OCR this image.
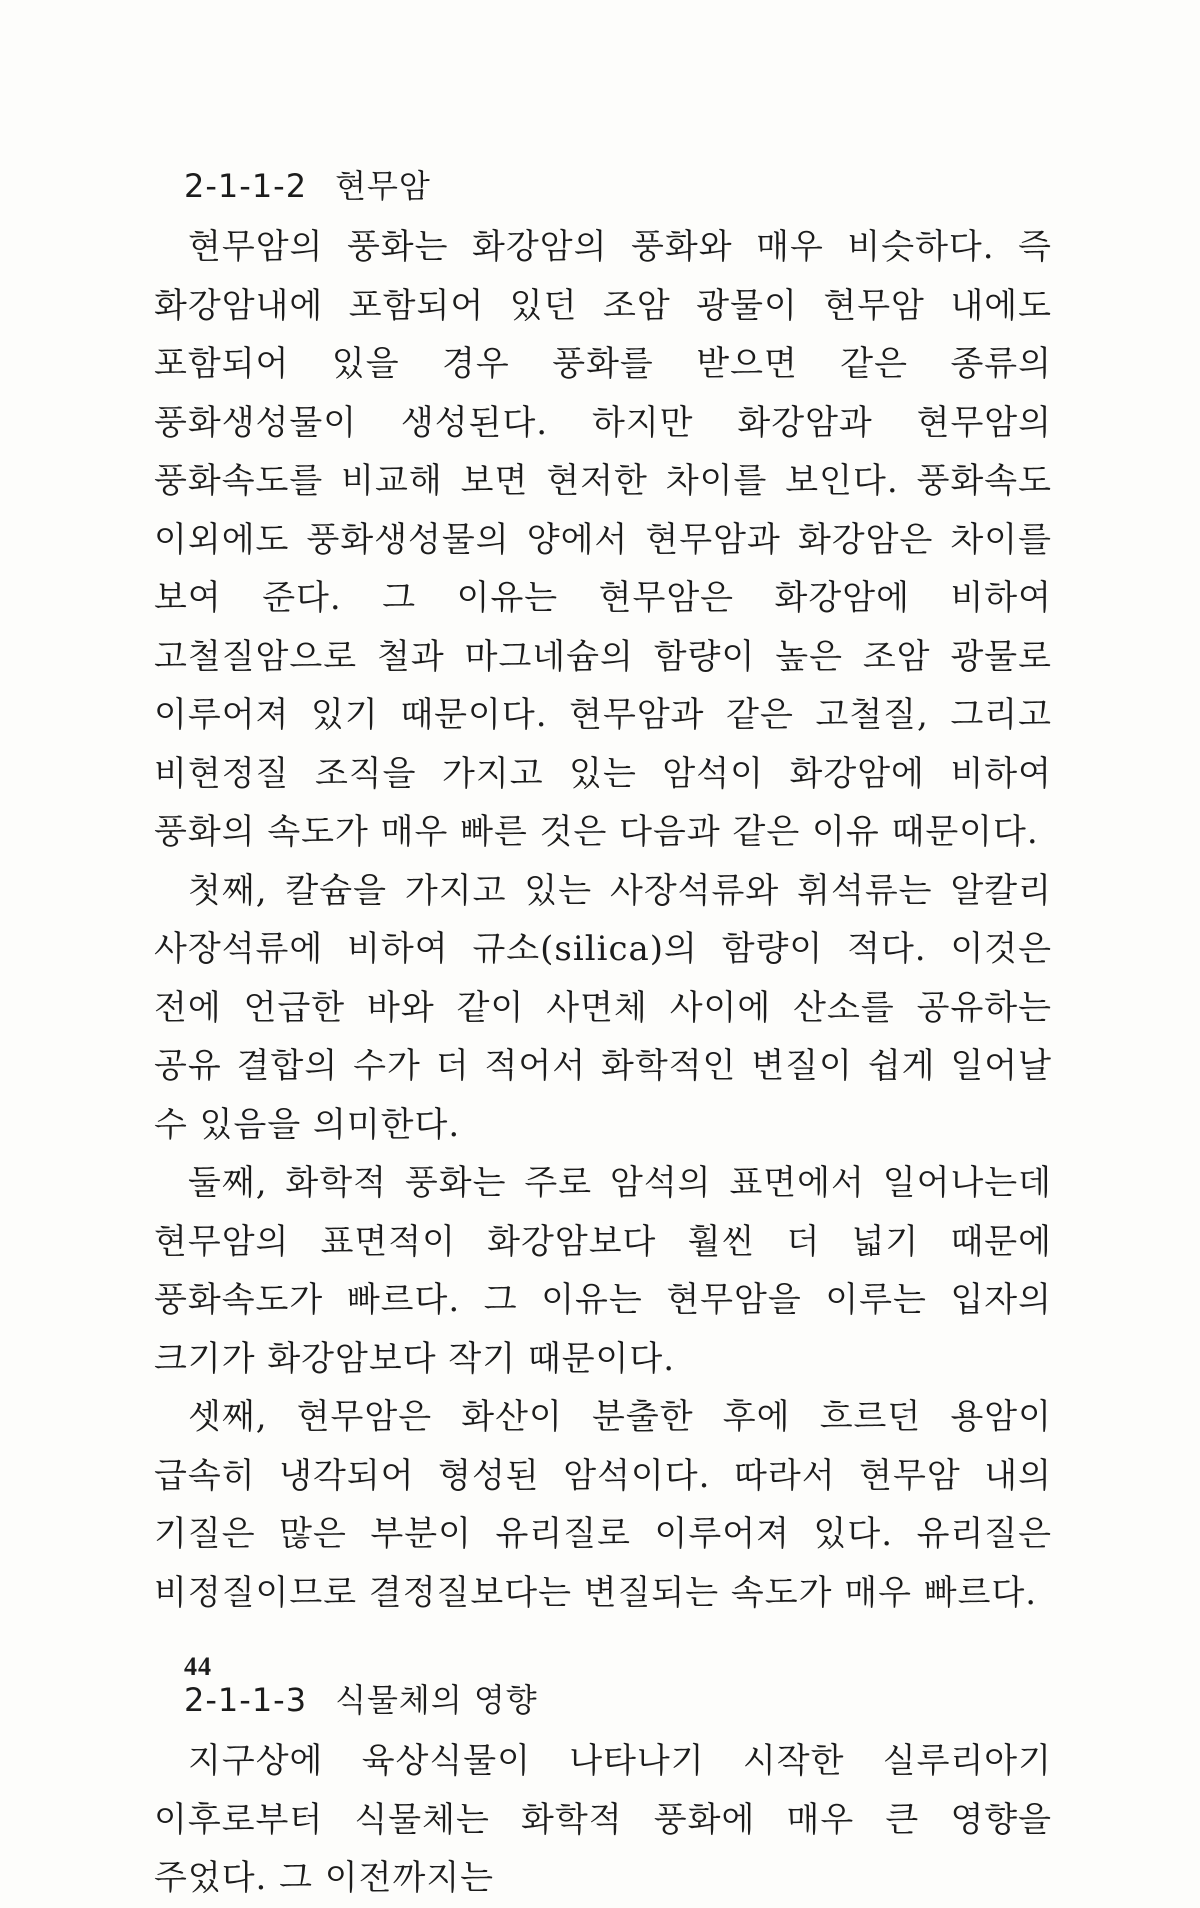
2-1-1-2 현무암

현무암의 풍화는 화강암의 풍화와 매우 비슷하다. 즉 화강암내에 포함되어 있던 조암 광물이 현무암 내에도 포함되어 있을 경우 풍화를 받으면 같은 종류의 풍화생성물이 생성된다. 하지만 화강암과 현무암의 풍화속도를 비교해 보면 현저한 차이를 보인다. 풍화속도 이외에도 풍화생성물의 양에서 현무암과 화강암은 차이를 보여 준다. 그 이유는 현무암은 화강암에 비하여 고철질암으로 철과 마그네슘의 함량이 높은 조암 광물로 이루어져 있기 때문이다. 현무암과 같은 고철질, 그리고 비현정질 조직을 가지고 있는 암석이 화강암에 비하여 풍화의 속도가 매우 빠른 것은 다음과 같은 이유 때문이다.

첫째, 칼슘을 가지고 있는 사장석류와 휘석류는 알칼리 사장석류에 비하여 규소(silica)의 함량이 적다. 이것은 전에 언급한 바와 같이 사면체 사이에 산소를 공유하는 공유 결합의 수가 더 적어서 화학적인 변질이 쉽게 일어날 수 있음을 의미한다.

둘째, 화학적 풍화는 주로 암석의 표면에서 일어나는데 현무암의 표면적이 화강암보다 훨씬 더 넓기 때문에 풍화속도가 빠르다. 그 이유는 현무암을 이루는 입자의 크기가 화강암보다 작기 때문이다.

셋째, 현무암은 화산이 분출한 후에 흐르던 용암이 급속히 냉각되어 형성된 암석이다. 따라서 현무암 내의 기질은 많은 부분이 유리질로 이루어져 있다. 유리질은 비정질이므로 결정질보다는 변질되는 속도가 매우 빠르다.

2-1-1-3 식물체의 영향

지구상에 육상식물이 나타나기 시작한 실루리아기 이후로부터 식물체는 화학적 풍화에 매우 큰 영향을 주었다. 그 이전까지는

44
